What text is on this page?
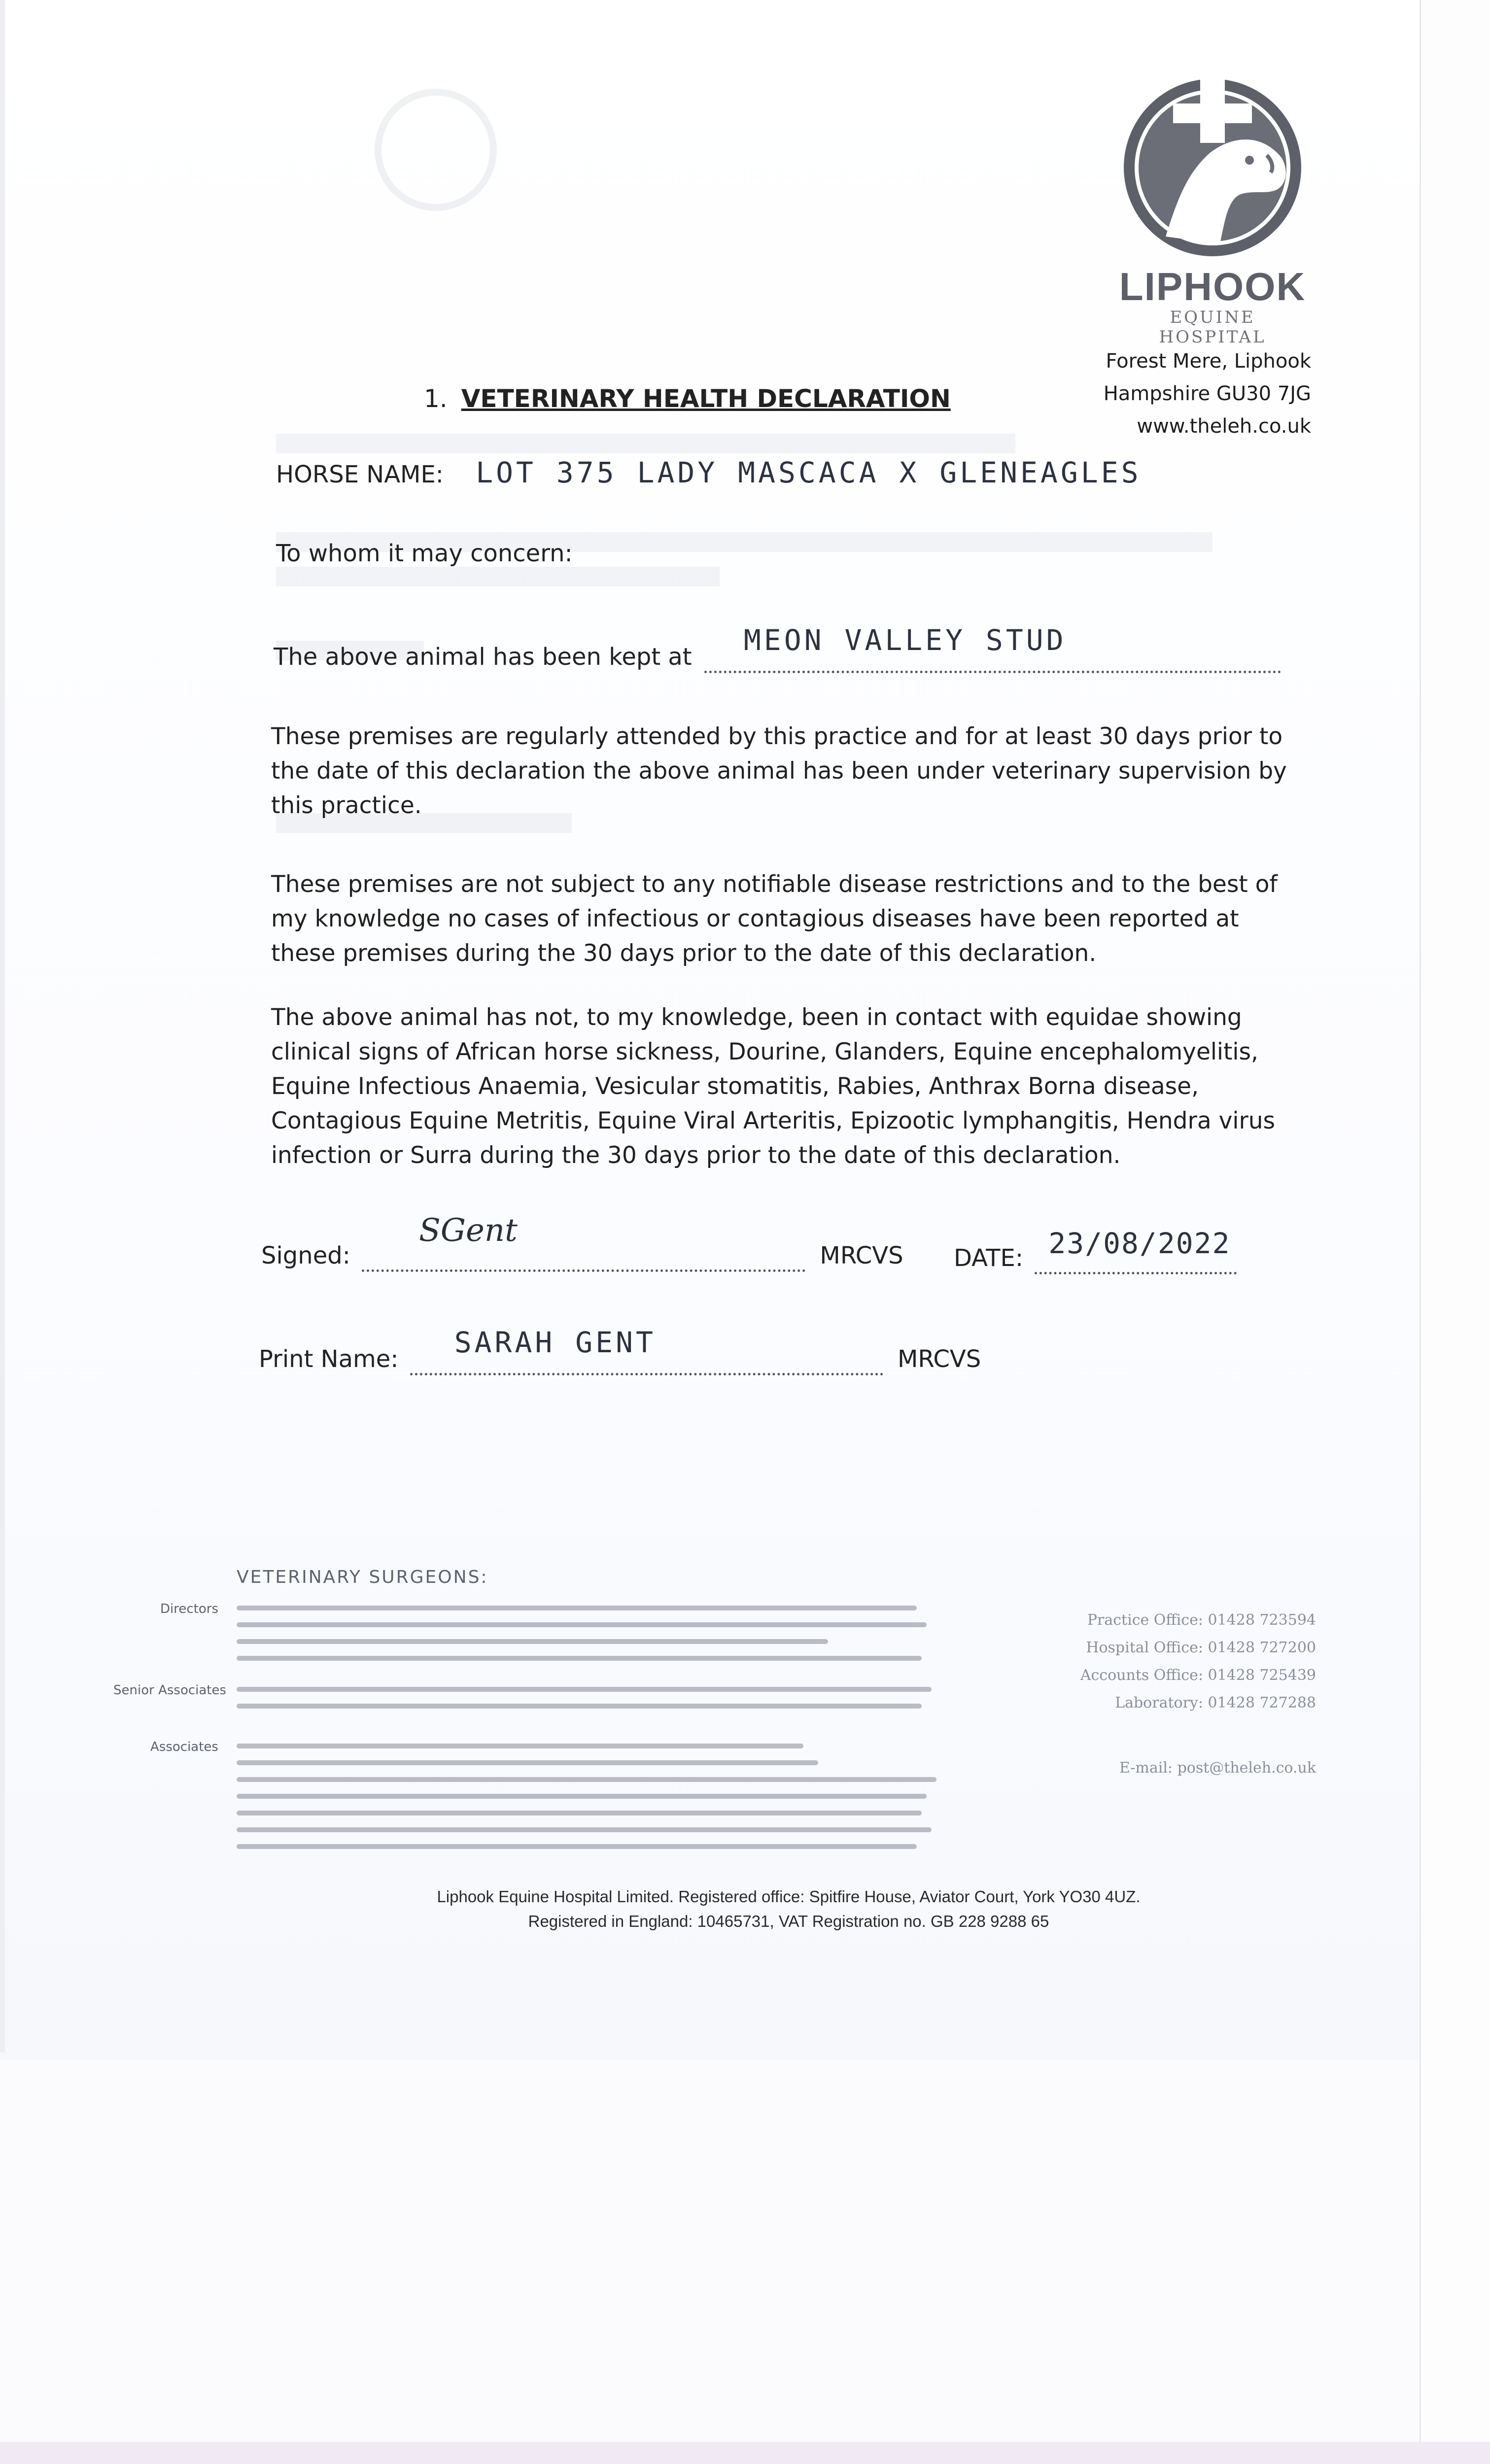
LIPHOOK
EQUINE HOSPITAL
Forest Mere, Liphook
Hampshire GU30 7JG
www.theleh.co.uk
1. VETERINARY HEALTH DECLARATION
HORSE NAME: LOT 375 LADY MASCACA X GLENEAGLES
To whom it may concern:
The above animal has been kept at MEON VALLEY STUD

These premises are regularly attended by this practice and for at least 30 days prior to the date of this declaration the above animal has been under veterinary supervision by this practice.
These premises are not subject to any notifiable disease restrictions and to the best of my knowledge no cases of infectious or contagious diseases have been reported at these premises during the 30 days prior to the date of this declaration.
The above animal has not, to my knowledge, been in contact with equidae showing clinical signs of African horse sickness, Dourine, Glanders, Equine encephalomyelitis, Equine Infectious Anaemia, Vesicular stomatitis, Rabies, Anthrax Borna disease, Contagious Equine Metritis, Equine Viral Arteritis, Epizootic lymphangitis, Hendra virus infection or Surra during the 30 days prior to the date of this declaration.
Signed:	MRCVS
SGent
DATE: 23/08/2022

Print Name: SARAH GENT	MRCVS
VETERINARY SURGEONS:
Directors
Senior Associates
Associates
Practice Office: 01428 723594
Hospital Office: 01428 727200
Accounts Office: 01428 725439
Laboratory: 01428 727288
E-mail: post@theleh.co.uk
Liphook Equine Hospital Limited. Registered office: Spitfire House, Aviator Court, York YO30 4UZ.
Registered in England: 10465731, VAT Registration no. GB 228 9288 65
